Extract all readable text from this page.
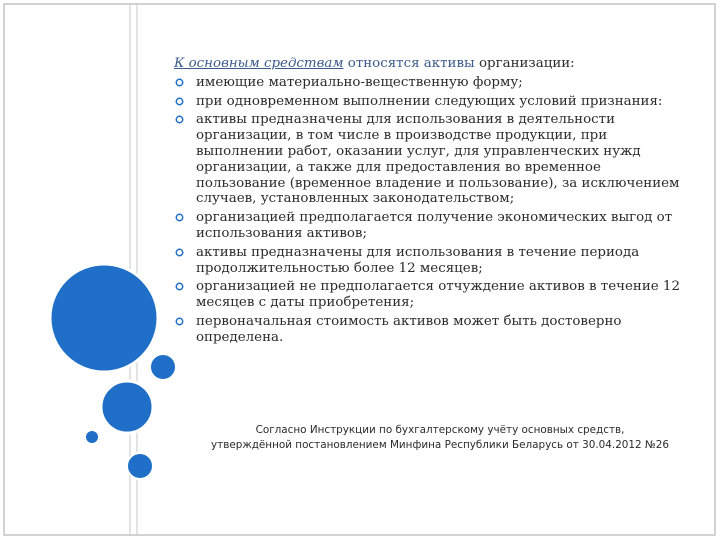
К основным средствам относятся активы организации:

имеющие материально-вещественную форму;
при одновременном выполнении следующих условий признания:
активы предназначены для использования в деятельности организации, в том числе в производстве продукции, при выполнении работ, оказании услуг, для управленческих нужд организации, а также для предоставления во временное пользование (временное владение и пользование), за исключением случаев, установленных законодательством;
организацией предполагается получение экономических выгод от использования активов;
активы предназначены для использования в течение периода продолжительностью более 12 месяцев;
организацией не предполагается отчуждение активов в течение 12 месяцев с даты приобретения;
первоначальная стоимость активов может быть достоверно определена.
Согласно Инструкции по бухгалтерскому учёту основных средств,
утверждённой постановлением Минфина Республики Беларусь от 30.04.2012 №26
